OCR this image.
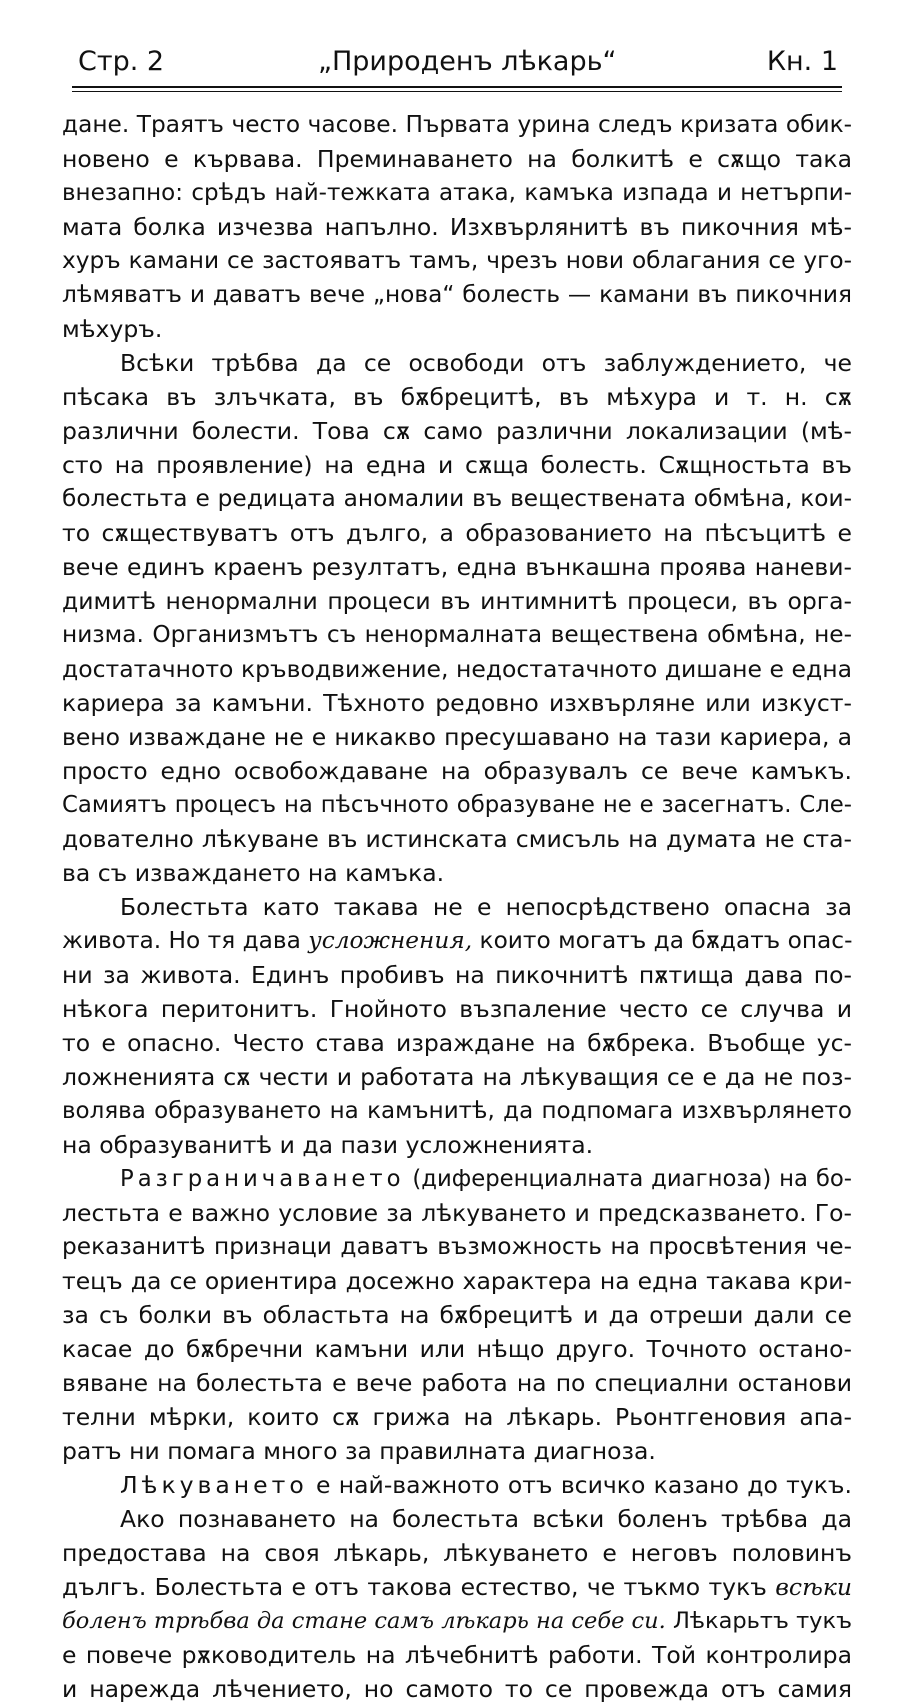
Стр. 2	„Природенъ лѣкарь“	Кн. 1
дане. Траятъ често часове. Първата урина следъ кризата обик-
новено е кървава. Преминаването на болкитѣ е сѫщо така
внезапно: срѣдъ най-тежката атака, камъка изпада и нетърпи-
мата болка изчезва напълно. Изхвърлянитѣ въ пикочния мѣ-
хуръ камани се застояватъ тамъ, чрезъ нови облагания се уго-
лѣмяватъ и даватъ вече „нова“ болесть — камани въ пикочния
мѣхуръ.
Всѣки трѣбва да се освободи отъ заблуждението, че
пѣсака въ злъчката, въ бѫбрецитѣ, въ мѣхура и т. н. сѫ
различни болести. Това сѫ само различни локализации (мѣ-
сто на проявление) на една и сѫща болесть. Сѫщностьта въ
болестьта е редицата аномалии въ веществената обмѣна, кои-
то сѫществуватъ отъ дълго, а образованието на пѣсъцитѣ е
вече единъ краенъ резултатъ, една вънкашна проява наневи-
димитѣ ненормални процеси въ интимнитѣ процеси, въ орга-
низма. Организмътъ съ ненормалната веществена обмѣна, не-
достатачното кръводвижение, недостатачното дишане е една
кариера за камъни. Тѣхното редовно изхвърляне или изкуст-
вено изваждане не е никакво пресушавано на тази кариера, а
просто едно освобождаване на образувалъ се вече камъкъ.
Самиятъ процесъ на пѣсъчното образуване не е засегнатъ. Сле-
дователно лѣкуване въ истинската смисъль на думата не ста-
ва съ изваждането на камъка.
Болестьта като такава не е непосрѣдствено опасна за
живота. Но тя дава усложнения, които могатъ да бѫдатъ опас-
ни за живота. Единъ пробивъ на пикочнитѣ пѫтища дава по-
нѣкога перитонитъ. Гнойното възпаление често се случва и
то е опасно. Често става израждане на бѫбрека. Въобще ус-
ложненията сѫ чести и работата на лѣкуващия се е да не поз-
волява образуването на камънитѣ, да подпомага изхвърлянето
на образуванитѣ и да пази усложненията.
Разграничаването (диференциалната диагноза) на бо-
лестьта е важно условие за лѣкуването и предсказването. Го-
реказанитѣ признаци даватъ възможность на просвѣтения че-
тецъ да се ориентира досежно характера на една такава кри-
за съ болки въ областьта на бѫбрецитѣ и да отреши дали се
касае до бѫбречни камъни или нѣщо друго. Точното остано-
вяване на болестьта е вече работа на по специални останови
телни мѣрки, които сѫ грижа на лѣкарь. Рьонтгеновия апа-
ратъ ни помага много за правилната диагноза.
Лѣкуването е най-важното отъ всичко казано до тукъ.
Ако познаването на болестьта всѣки боленъ трѣбва да
предостава на своя лѣкарь, лѣкуването е неговъ половинъ
дългъ. Болестьта е отъ такова естество, че тъкмо тукъ всѣки
боленъ трѣбва да стане самъ лѣкарь на себе си. Лѣкарьтъ тукъ
е повече рѫководитель на лѣчебнитѣ работи. Той контролира
и нарежда лѣчението, но самото то се провежда отъ самия
